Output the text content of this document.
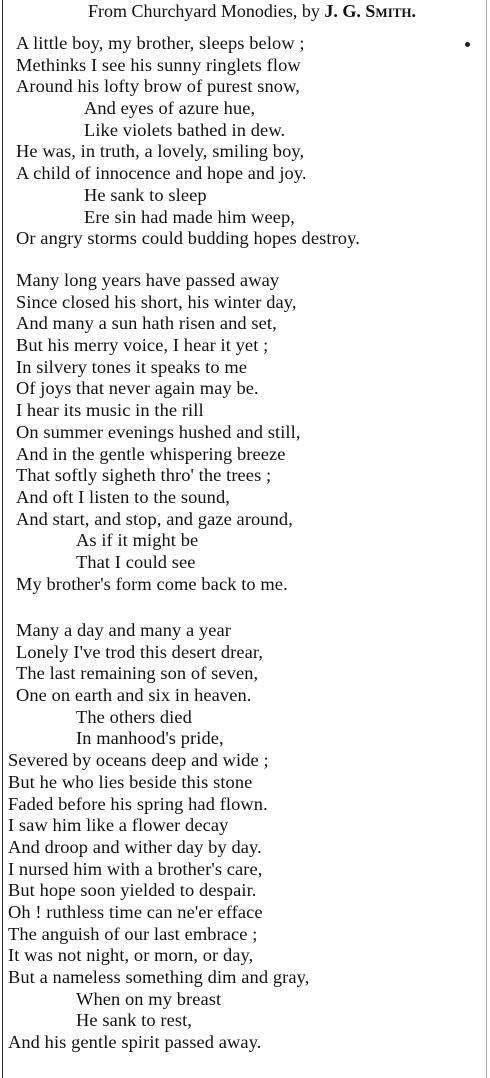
From Churchyard Monodies, by J. G. Smith.
A little boy, my brother, sleeps below ;
Methinks I see his sunny ringlets flow
Around his lofty brow of purest snow,
And eyes of azure hue,
Like violets bathed in dew.
He was, in truth, a lovely, smiling boy,
A child of innocence and hope and joy.
He sank to sleep
Ere sin had made him weep,
Or angry storms could budding hopes destroy.
Many long years have passed away
Since closed his short, his winter day,
And many a sun hath risen and set,
But his merry voice, I hear it yet ;
In silvery tones it speaks to me
Of joys that never again may be.
I hear its music in the rill
On summer evenings hushed and still,
And in the gentle whispering breeze
That softly sigheth thro' the trees ;
And oft I listen to the sound,
And start, and stop, and gaze around,
As if it might be
That I could see
My brother's form come back to me.
Many a day and many a year
Lonely I've trod this desert drear,
The last remaining son of seven,
One on earth and six in heaven.
The others died
In manhood's pride,
Severed by oceans deep and wide ;
But he who lies beside this stone
Faded before his spring had flown.
I saw him like a flower decay
And droop and wither day by day.
I nursed him with a brother's care,
But hope soon yielded to despair.
Oh ! ruthless time can ne'er efface
The anguish of our last embrace ;
It was not night, or morn, or day,
But a nameless something dim and gray,
When on my breast
He sank to rest,
And his gentle spirit passed away.
